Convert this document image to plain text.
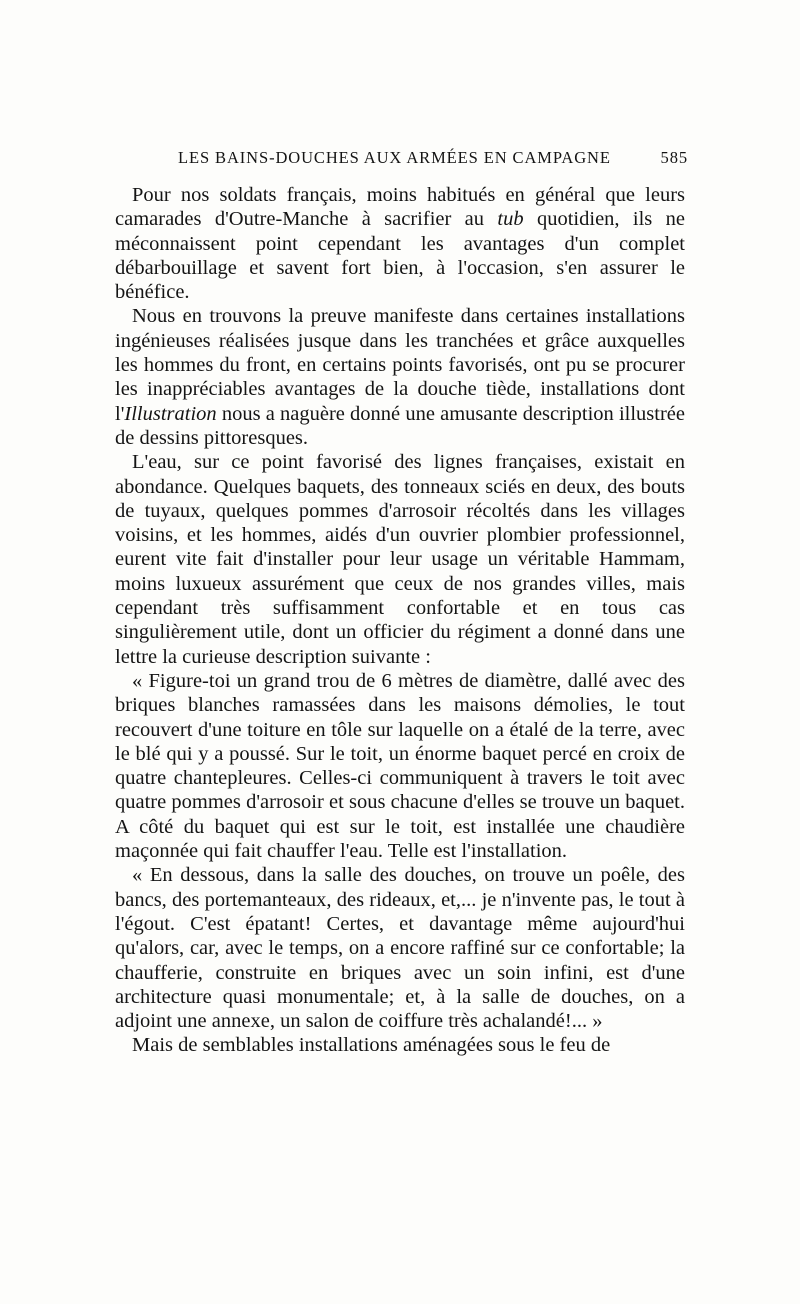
LES BAINS-DOUCHES AUX ARMÉES EN CAMPAGNE	585

Pour nos soldats français, moins habitués en général que leurs camarades d'Outre-Manche à sacrifier au tub quotidien, ils ne méconnaissent point cependant les avantages d'un complet débarbouillage et savent fort bien, à l'occasion, s'en assurer le bénéfice.

Nous en trouvons la preuve manifeste dans certaines installations ingénieuses réalisées jusque dans les tranchées et grâce auxquelles les hommes du front, en certains points favorisés, ont pu se procurer les inappréciables avantages de la douche tiède, installations dont l'Illustration nous a naguère donné une amusante description illustrée de dessins pittoresques.

L'eau, sur ce point favorisé des lignes françaises, existait en abondance. Quelques baquets, des tonneaux sciés en deux, des bouts de tuyaux, quelques pommes d'arrosoir récoltés dans les villages voisins, et les hommes, aidés d'un ouvrier plombier professionnel, eurent vite fait d'installer pour leur usage un véritable Hammam, moins luxueux assurément que ceux de nos grandes villes, mais cependant très suffisamment confortable et en tous cas singulièrement utile, dont un officier du régiment a donné dans une lettre la curieuse description suivante :

« Figure-toi un grand trou de 6 mètres de diamètre, dallé avec des briques blanches ramassées dans les maisons démolies, le tout recouvert d'une toiture en tôle sur laquelle on a étalé de la terre, avec le blé qui y a poussé. Sur le toit, un énorme baquet percé en croix de quatre chantepleures. Celles-ci communiquent à travers le toit avec quatre pommes d'arrosoir et sous chacune d'elles se trouve un baquet. A côté du baquet qui est sur le toit, est installée une chaudière maçonnée qui fait chauffer l'eau. Telle est l'installation.

« En dessous, dans la salle des douches, on trouve un poêle, des bancs, des portemanteaux, des rideaux, et,... je n'invente pas, le tout à l'égout. C'est épatant! Certes, et davantage même aujourd'hui qu'alors, car, avec le temps, on a encore raffiné sur ce confortable; la chaufferie, construite en briques avec un soin infini, est d'une architecture quasi monumentale; et, à la salle de douches, on a adjoint une annexe, un salon de coiffure très achalandé!... »

Mais de semblables installations aménagées sous le feu de
